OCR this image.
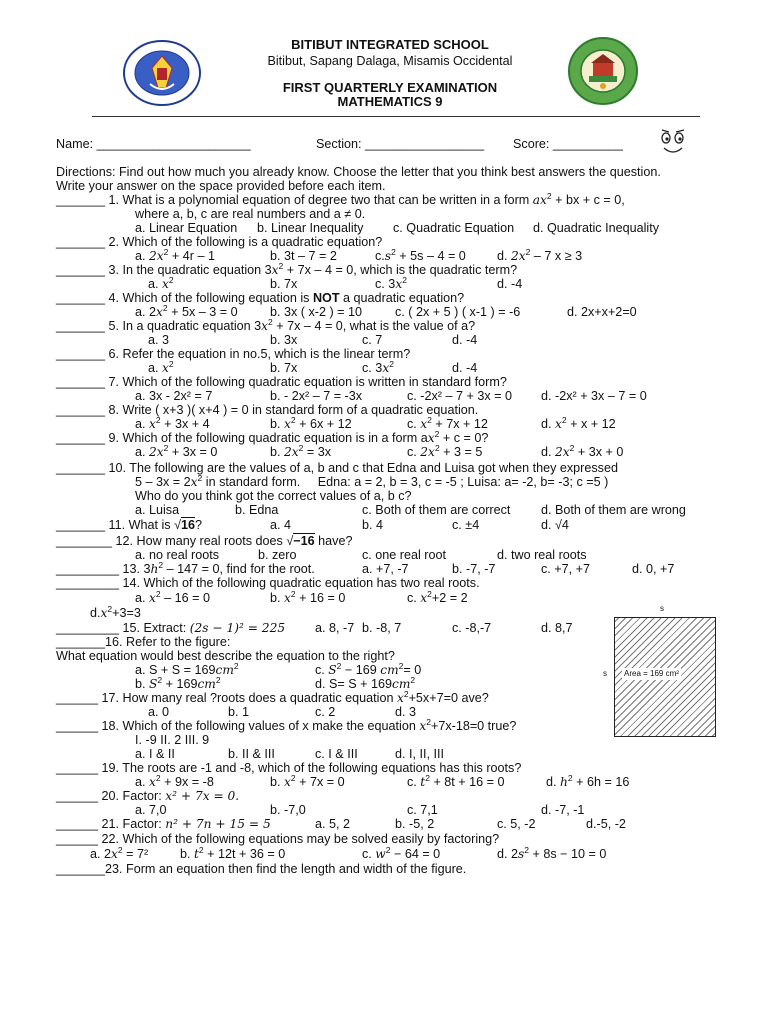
BITIBUT INTEGRATED SCHOOL
Bitibut, Sapang Dalaga, Misamis Occidental
FIRST QUARTERLY EXAMINATION
MATHEMATICS 9
Name: ______________________	Section: _________________ Score: __________
Directions: Find out how much you already know. Choose the letter that you think best answers the question.
Write your answer on the space provided before each item.
_______ 1. What is a polynomial equation of degree two that can be written in a form $ax^2$ + bx + c = 0,
where a, b, c are real numbers and a ≠ 0.
a. Linear Equation b. Linear Inequality c. Quadratic Equation d. Quadratic Inequality
_______ 2. Which of the following is a quadratic equation?
a. $2x^2 + 4r - 1$	b. 3t – 7 = 2	$c.s^2 + 5s - 4 = 0$ d. $2x^2 - 7$ x ≥ 3
_______ 3. In the quadratic equation $3x^2 + 7x - 4 = 0$, which is the quadratic term?
a. $x^2$	b. 7x	c. $3x^2$	d. -4
_______ 4. Which of the following equation is NOT a quadratic equation?
a. $2x^2 + 5x - 3 = 0$	b. 3x ( x-2 ) = 10	c. ( 2x + 5 ) ( x-1 ) = -6	d. 2x+x+2=0
_______ 5. In a quadratic equation $3x^2 + 7x - 4 = 0$, what is the value of a?
a. 3	b. 3x	c. 7	d. -4
_______ 6. Refer the equation in no.5, which is the linear term?
a. $x^2$	b. 7x	c. $3x^2$	d. -4
_______ 7. Which of the following quadratic equation is written in standard form?
a. 3x - 2x² = 7	b. - 2x² – 7 = -3x	c. -2x² – 7 + 3x = 0 d. -2x² + 3x – 7 = 0
_______ 8. Write ( x+3 )( x+4 ) = 0 in standard form of a quadratic equation.
a. $x^2 + 3x + 4$	b. $x^2 + 6x + 12$	c. $x^2 + 7x + 12$	d. $x^2 + x + 12$
_______ 9. Which of the following quadratic equation is in a form $ax^2 + c = 0$?
a. $2x^2 + 3x = 0$	b. $2x^2 = 3x$	c. $2x^2 + 3 = 5$	d. $2x^2 + 3x + 0$
_______ 10. The following are the values of a, b and c that Edna and Luisa got when they expressed
$5 - 3x = 2x^2$ in standard form. Edna: a = 2, b = 3, c = -5 ; Luisa: a= -2, b= -3; c =5 )
Who do you think got the correct values of a, b c?
a. Luisa	b. Edna	c. Both of them are correct d. Both of them are wrong
_______ 11. What is √16?	a. 4	b. 4	c. ±4	d. √4
________ 12. How many real roots does √−16 have?
a. no real roots	b. zero	c. one real root	d. two real roots
_________ 13. $3h^2 - 147 = 0$, find for the root.	a. +7, -7	b. -7, -7	c. +7, +7	d. 0, +7
_________ 14. Which of the following quadratic equation has two real roots.
a. $x^2 - 16 = 0$	b. $x^2 + 16 = 0$	c. $x^2+2 = 2$
$d.x^2+3=3$
_________ 15. Extract: (2s − 1)² = 225 a. 8, -7 b. -8, 7	c. -8,-7	d. 8,7
_______16. Refer to the figure:
What equation would best describe the equation to the right?
a. $S + S = 169cm^2$
b. $S^2 + 169cm^2$
c. $S^2 - 169$ $cm^2= 0$
d. $S= S + 169cm^2$
s
s Area = 169 cm²
______ 17. How many real ?roots does a quadratic equation $x^2+5x+7=0$ ave?
a. 0	b. 1	c. 2	d. 3
______ 18. Which of the following values of x make the equation $x^2+7x-18=0$ true?
I. -9 II. 2 III. 9
a. I & II	b. II & III	c. I & III	d. I, II, III
______ 19. The roots are -1 and -8, which of the following equations has this roots?
a. $x^2 + 9x = -8$	b. $x^2 + 7x = 0$	c. $t^2 + 8t + 16 = 0$	d. $h^2 + 6h = 16$
______ 20. Factor: x² + 7x = 0.
a. 7,0	b. -7,0	c. 7,1	d. -7, -1
______ 21. Factor: n² + 7n + 15 = 5	a. 5, 2	b. -5, 2	c. 5, -2	d.-5, -2
______ 22. Which of the following equations may be solved easily by factoring?
a. $2x^2 = 7^2$	b. $t^2 + 12t + 36 = 0$	c. $w^2 - 64 = 0$	d. $2s^2 + 8s - 10 = 0$
_______23. Form an equation then find the length and width of the figure.
